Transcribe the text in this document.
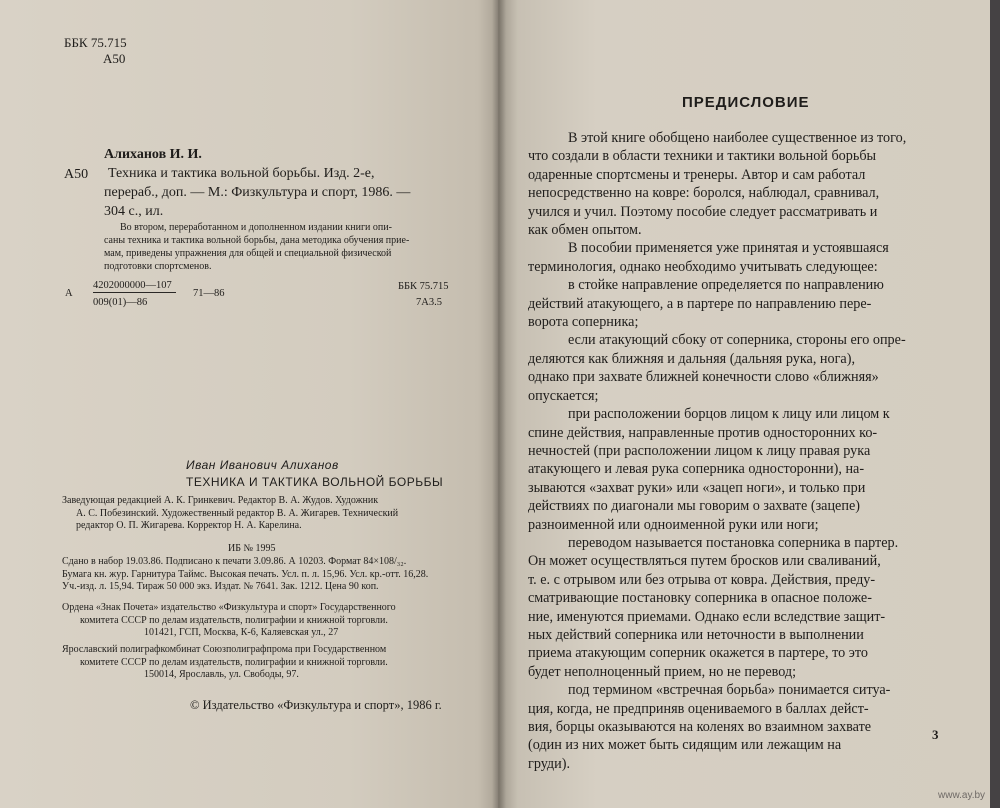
ББК 75.715

А50

А50

Алиханов И. И.

Техника и тактика вольной борьбы. Изд. 2-е,

перераб., доп. — М.: Физкультура и спорт, 1986. —

304 с., ил.

Во втором, переработанном и дополненном издании книги опи-
саны техника и тактика вольной борьбы, дана методика обучения прие-
мам, приведены упражнения для общей и специальной физической
подготовки спортсменов.

А

4202000000—107

009(01)—86

71—86

ББК 75.715

7А3.5

Иван Иванович Алиханов

ТЕХНИКА И ТАКТИКА ВОЛЬНОЙ БОРЬБЫ

Заведующая редакцией А. К. Гринкевич. Редактор В. А. Жудов. Художник
А. С. Побезинский. Художественный редактор В. А. Жигарев. Технический
редактор О. П. Жигарева. Корректор Н. А. Карелина.

ИБ № 1995

Сдано в набор 19.03.86. Подписано к печати 3.09.86. А 10203. Формат 84×108/₃₂.
Бумага кн. жур. Гарнитура Таймс. Высокая печать. Усл. п. л. 15,96. Усл. кр.-отт. 16,28.
Уч.-изд. л. 15,94. Тираж 50 000 экз. Издат. № 7641. Зак. 1212. Цена 90 коп.
Ордена «Знак Почета» издательство «Физкультура и спорт» Государственного
комитета СССР по делам издательств, полиграфии и книжной торговли.
101421, ГСП, Москва, К-6, Каляевская ул., 27
Ярославский полиграфкомбинат Союзполиграфпрома при Государственном
комитете СССР по делам издательств, полиграфии и книжной торговли.
150014, Ярославль, ул. Свободы, 97.

© Издательство «Физкультура и спорт», 1986 г.

ПРЕДИСЛОВИЕ

В этой книге обобщено наиболее существенное из того,
что создали в области техники и тактики вольной борьбы
одаренные спортсмены и тренеры. Автор и сам работал
непосредственно на ковре: боролся, наблюдал, сравнивал,
учился и учил. Поэтому пособие следует рассматривать и
как обмен опытом.
В пособии применяется уже принятая и устоявшаяся
терминология, однако необходимо учитывать следующее:
в стойке направление определяется по направлению
действий атакующего, а в партере по направлению пере-
ворота соперника;
если атакующий сбоку от соперника, стороны его опре-
деляются как ближняя и дальняя (дальняя рука, нога),
однако при захвате ближней конечности слово «ближняя»
опускается;
при расположении борцов лицом к лицу или лицом к
спине действия, направленные против односторонних ко-
нечностей (при расположении лицом к лицу правая рука
атакующего и левая рука соперника односторонни), на-
зываются «захват руки» или «зацеп ноги», и только при
действиях по диагонали мы говорим о захвате (зацепе)
разноименной или одноименной руки или ноги;
переводом называется постановка соперника в партер.
Он может осуществляться путем бросков или сваливаний,
т. е. с отрывом или без отрыва от ковра. Действия, преду-
сматривающие постановку соперника в опасное положе-
ние, именуются приемами. Однако если вследствие защит-
ных действий соперника или неточности в выполнении
приема атакующим соперник окажется в партере, то это
будет неполноценный прием, но не перевод;
под термином «встречная борьба» понимается ситуа-
ция, когда, не предприняв оцениваемого в баллах дейст-
вия, борцы оказываются на коленях во взаимном захвате
(один из них может быть сидящим или лежащим на
груди).

3

www.ay.by
